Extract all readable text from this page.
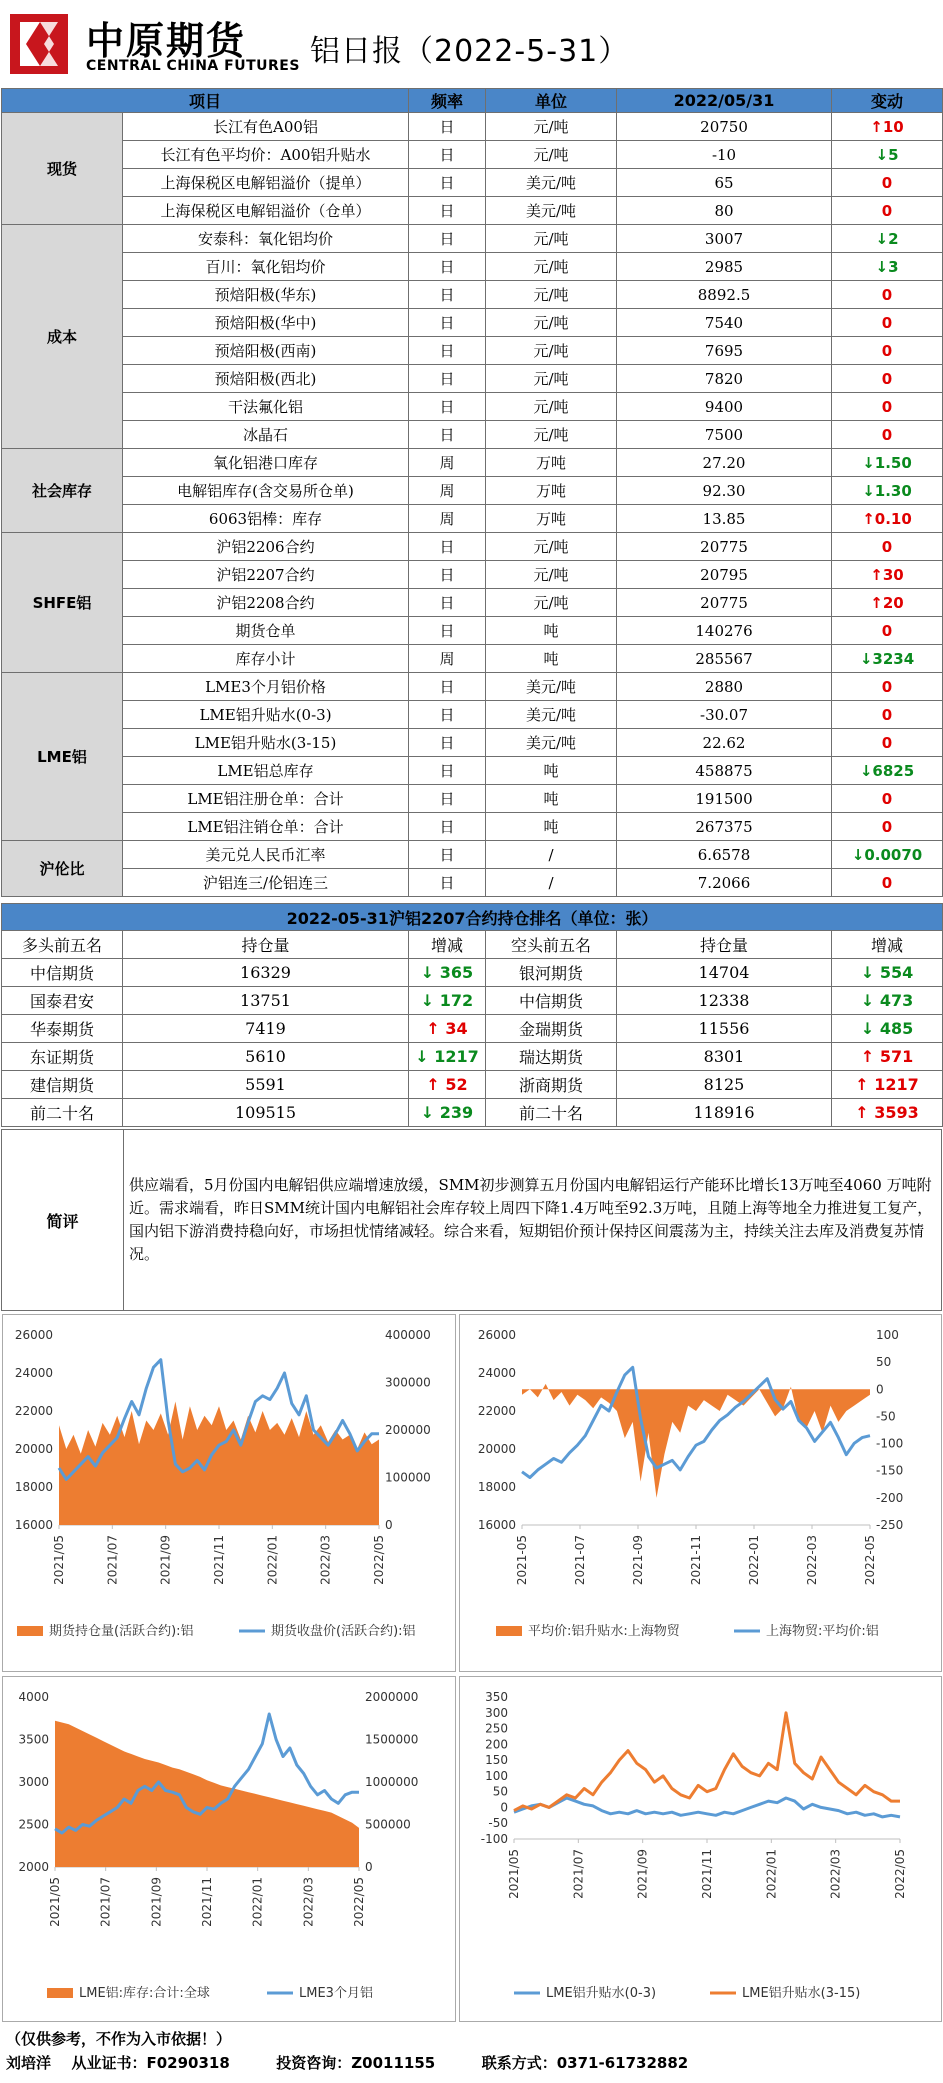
中原期货
CENTRAL CHINA FUTURES 铝日报（2022-5-31）
项目		频率	单位	2022/05/31	变动
现货	长江有色A00铝	日	元/吨	20750	↑10
	长江有色平均价：A00铝升贴水	日	元/吨	-10	↓5
	上海保税区电解铝溢价（提单）	日	美元/吨	65	0
	上海保税区电解铝溢价（仓单）	日	美元/吨	80	0
成本	安泰科：氧化铝均价	日	元/吨	3007	↓2
	百川：氧化铝均价	日	元/吨	2985	↓3
	预焙阳极(华东)	日	元/吨	8892.5	0
	预焙阳极(华中)	日	元/吨	7540	0
	预焙阳极(西南)	日	元/吨	7695	0
	预焙阳极(西北)	日	元/吨	7820	0
	干法氟化铝	日	元/吨	9400	0
	冰晶石	日	元/吨	7500	0
社会库存	氧化铝港口库存	周	万吨	27.20	↓1.50
	电解铝库存(含交易所仓单)	周	万吨	92.30	↓1.30
	6063铝棒：库存	周	万吨	13.85	↑0.10
SHFE铝	沪铝2206合约	日	元/吨	20775	0
	沪铝2207合约	日	元/吨	20795	↑30
	沪铝2208合约	日	元/吨	20775	↑20
	期货仓单	日	吨	140276	0
	库存小计	周	吨	285567	↓3234
LME铝	LME3个月铝价格	日	美元/吨	2880	0
	LME铝升贴水(0-3)	日	美元/吨	-30.07	0
	LME铝升贴水(3-15)	日	美元/吨	22.62	0
	LME铝总库存	日	吨	458875	↓6825
	LME铝注册仓单：合计	日	吨	191500	0
	LME铝注销仓单：合计	日	吨	267375	0
沪伦比	美元兑人民币汇率	日	/	6.6578	↓0.0070
	沪铝连三/伦铝连三	日	/	7.2066	0
2022-05-31沪铝2207合约持仓排名（单位：张）					
多头前五名	持仓量	增减	空头前五名	持仓量	增减
中信期货	16329	↓ 365	银河期货	14704	↓ 554
国泰君安	13751	↓ 172	中信期货	12338	↓ 473
华泰期货	7419	↑ 34	金瑞期货	11556	↓ 485
东证期货	5610	↓ 1217	瑞达期货	8301	↑ 571
建信期货	5591	↑ 52	浙商期货	8125	↑ 1217
前二十名	109515	↓ 239	前二十名	118916	↑ 3593
简评
供应端看，5月份国内电解铝供应端增速放缓，SMM初步测算五月份国内电解铝运行产能环比增长13万吨至4060 万吨附近。需求端看，昨日SMM统计国内电解铝社会库存较上周四下降1.4万吨至92.3万吨，且随上海等地全力推进复工复产，国内铝下游消费持稳向好，市场担忧情绪减轻。综合来看，短期铝价预计保持区间震荡为主，持续关注去库及消费复苏情况。
26000
24000
22000
20000
18000
16000
400000
300000
200000
100000
0
2021/05	2021/07	2021/09	2021/11	2022/01	2022/03	2022/05
期货持仓量(活跃合约):铝	期货收盘价(活跃合约):铝
26000
24000
22000
20000
18000
16000
100
50
0
-50
-100
-150
-200
-250
2021-05	2021-07	2021-09	2021-11	2022-01	2022-03	2022-05
平均价:铝升贴水:上海物贸	上海物贸:平均价:铝
4000
3500
3000
2500
2000
2000000
1500000
1000000
500000
0
2021/05	2021/07	2021/09	2021/11	2022/01	2022/03	2022/05
LME铝:库存:合计:全球	LME3个月铝
350
300
250
200
150
100
50
0
-50
-100
2021/05	2021/07	2021/09	2021/11	2022/01	2022/03	2022/05
LME铝升贴水(0-3)	LME铝升贴水(3-15)
（仅供参考，不作为入市依据！）
刘培洋 从业证书：F0290318	投资咨询：Z0011155	联系方式：0371-61732882
